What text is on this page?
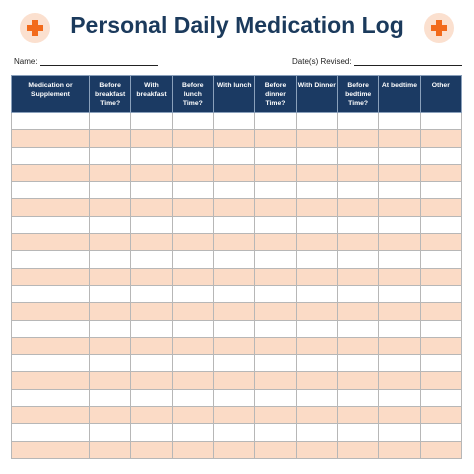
Personal Daily Medication Log
Name:	Date(s) Revised:
Medication or Supplement	Before breakfast Time?	With breakfast	Before lunch Time?	With lunch	Before dinner Time?	With Dinner	Before bedtime Time?	At bedtime	Other
